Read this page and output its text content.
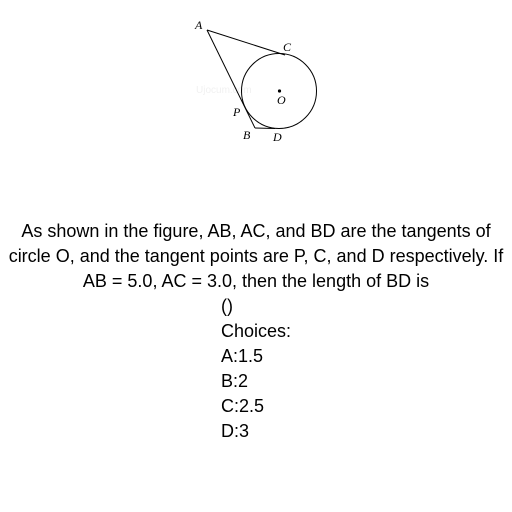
Ujocum.com
A
C
O
P
B D
As shown in the figure, AB, AC, and BD are the tangents of circle O, and the tangent points are P, C, and D respectively. If AB = 5.0, AC = 3.0, then the length of BD is
()
Choices:
A:1.5
B:2
C:2.5
D:3
